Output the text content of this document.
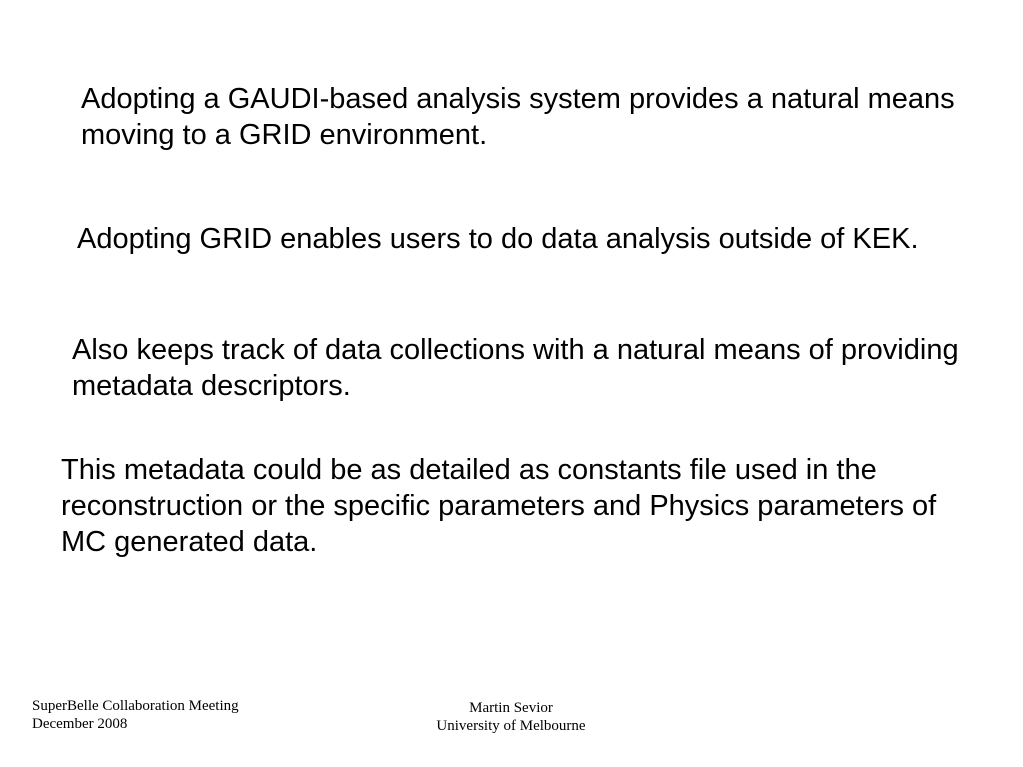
Adopting a GAUDI-based analysis system provides a natural means moving to a GRID environment.

Adopting GRID enables users to do data analysis outside of KEK.

Also keeps track of data collections with a natural means of providing metadata descriptors.

This metadata could be as detailed as constants file used in the reconstruction or the specific parameters and Physics parameters of MC generated data.

SuperBelle Collaboration Meeting
December 2008
Martin Sevior
University of Melbourne
